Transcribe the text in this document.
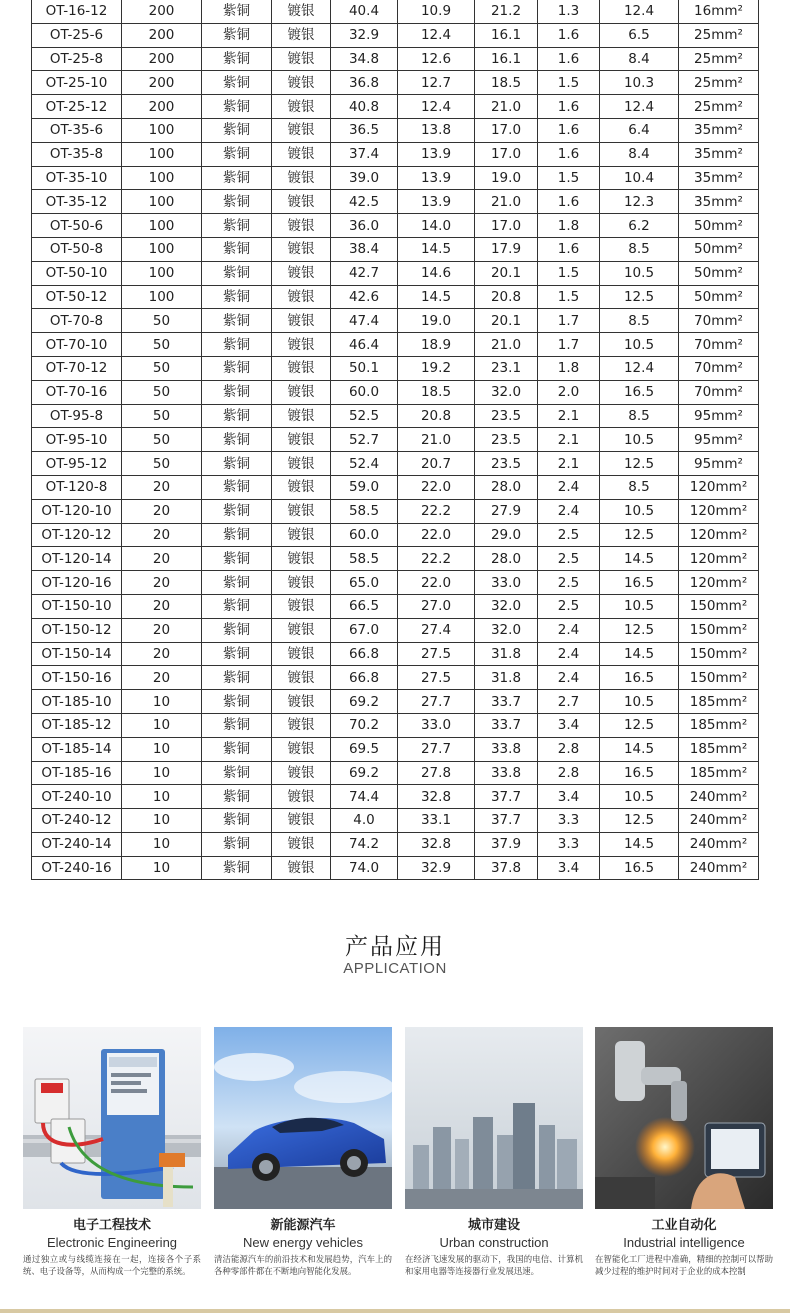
OT-16-12	200	紫铜	镀银	40.4	10.9	21.2	1.3	12.4	16mm²
OT-25-6	200	紫铜	镀银	32.9	12.4	16.1	1.6	6.5	25mm²
OT-25-8	200	紫铜	镀银	34.8	12.6	16.1	1.6	8.4	25mm²
OT-25-10	200	紫铜	镀银	36.8	12.7	18.5	1.5	10.3	25mm²
OT-25-12	200	紫铜	镀银	40.8	12.4	21.0	1.6	12.4	25mm²
OT-35-6	100	紫铜	镀银	36.5	13.8	17.0	1.6	6.4	35mm²
OT-35-8	100	紫铜	镀银	37.4	13.9	17.0	1.6	8.4	35mm²
OT-35-10	100	紫铜	镀银	39.0	13.9	19.0	1.5	10.4	35mm²
OT-35-12	100	紫铜	镀银	42.5	13.9	21.0	1.6	12.3	35mm²
OT-50-6	100	紫铜	镀银	36.0	14.0	17.0	1.8	6.2	50mm²
OT-50-8	100	紫铜	镀银	38.4	14.5	17.9	1.6	8.5	50mm²
OT-50-10	100	紫铜	镀银	42.7	14.6	20.1	1.5	10.5	50mm²
OT-50-12	100	紫铜	镀银	42.6	14.5	20.8	1.5	12.5	50mm²
OT-70-8	50	紫铜	镀银	47.4	19.0	20.1	1.7	8.5	70mm²
OT-70-10	50	紫铜	镀银	46.4	18.9	21.0	1.7	10.5	70mm²
OT-70-12	50	紫铜	镀银	50.1	19.2	23.1	1.8	12.4	70mm²
OT-70-16	50	紫铜	镀银	60.0	18.5	32.0	2.0	16.5	70mm²
OT-95-8	50	紫铜	镀银	52.5	20.8	23.5	2.1	8.5	95mm²
OT-95-10	50	紫铜	镀银	52.7	21.0	23.5	2.1	10.5	95mm²
OT-95-12	50	紫铜	镀银	52.4	20.7	23.5	2.1	12.5	95mm²
OT-120-8	20	紫铜	镀银	59.0	22.0	28.0	2.4	8.5	120mm²
OT-120-10	20	紫铜	镀银	58.5	22.2	27.9	2.4	10.5	120mm²
OT-120-12	20	紫铜	镀银	60.0	22.0	29.0	2.5	12.5	120mm²
OT-120-14	20	紫铜	镀银	58.5	22.2	28.0	2.5	14.5	120mm²
OT-120-16	20	紫铜	镀银	65.0	22.0	33.0	2.5	16.5	120mm²
OT-150-10	20	紫铜	镀银	66.5	27.0	32.0	2.5	10.5	150mm²
OT-150-12	20	紫铜	镀银	67.0	27.4	32.0	2.4	12.5	150mm²
OT-150-14	20	紫铜	镀银	66.8	27.5	31.8	2.4	14.5	150mm²
OT-150-16	20	紫铜	镀银	66.8	27.5	31.8	2.4	16.5	150mm²
OT-185-10	10	紫铜	镀银	69.2	27.7	33.7	2.7	10.5	185mm²
OT-185-12	10	紫铜	镀银	70.2	33.0	33.7	3.4	12.5	185mm²
OT-185-14	10	紫铜	镀银	69.5	27.7	33.8	2.8	14.5	185mm²
OT-185-16	10	紫铜	镀银	69.2	27.8	33.8	2.8	16.5	185mm²
OT-240-10	10	紫铜	镀银	74.4	32.8	37.7	3.4	10.5	240mm²
OT-240-12	10	紫铜	镀银	4.0	33.1	37.7	3.3	12.5	240mm²
OT-240-14	10	紫铜	镀银	74.2	32.8	37.9	3.3	14.5	240mm²
OT-240-16	10	紫铜	镀银	74.0	32.9	37.8	3.4	16.5	240mm²
产品应用
APPLICATION
电子工程技术
Electronic Engineering
通过独立或与线缆连接在一起，连接各个子系统、电子设备等，从而构成一个完整的系统。
新能源汽车
New energy vehicles
清洁能源汽车的前沿技术和发展趋势，汽车上的各种零部件都在不断地向智能化发展。
城市建设
Urban construction
在经济飞速发展的驱动下，我国的电信、计算机和家用电器等连接器行业发展迅速。
工业自动化
Industrial intelligence
在智能化工厂进程中准确，精细的控制可以帮助减少过程的维护时间对于企业的成本控制
